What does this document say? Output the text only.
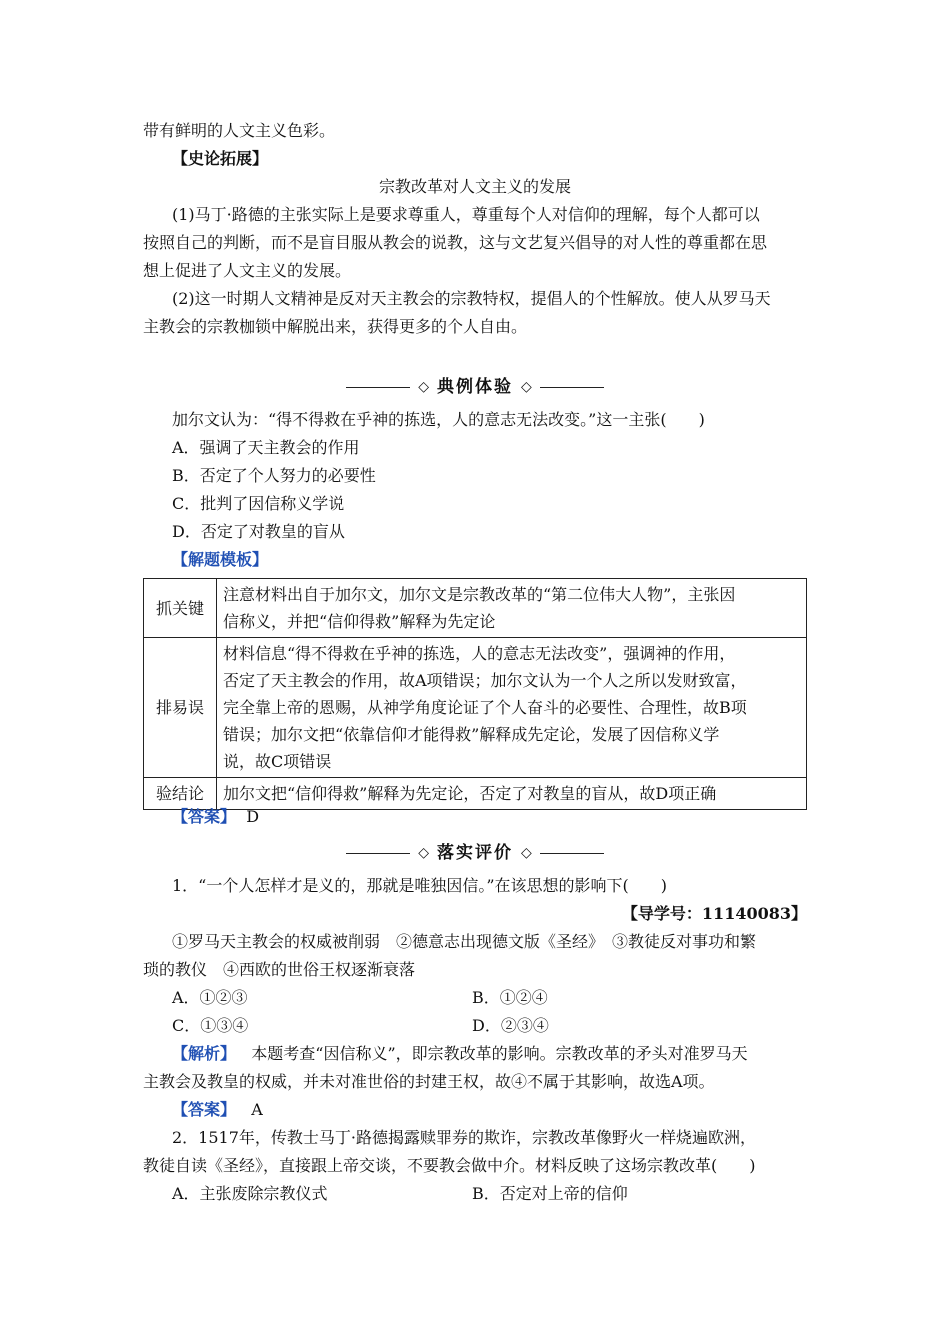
带有鲜明的人文主义色彩。
【史论拓展】
宗教改革对人文主义的发展
(1)马丁·路德的主张实际上是要求尊重人，尊重每个人对信仰的理解，每个人都可以
按照自己的判断，而不是盲目服从教会的说教，这与文艺复兴倡导的对人性的尊重都在思
想上促进了人文主义的发展。
(2)这一时期人文精神是反对天主教会的宗教特权，提倡人的个性解放。使人从罗马天
主教会的宗教枷锁中解脱出来，获得更多的个人自由。
◇ 典例体验 ◇
加尔文认为：“得不得救在乎神的拣选，人的意志无法改变。”这一主张(　　)
A．强调了天主教会的作用
B．否定了个人努力的必要性
C．批判了因信称义学说
D．否定了对教皇的盲从
【解题模板】
抓关键	注意材料出自于加尔文，加尔文是宗教改革的“第二位伟大人物”，主张因
信称义，并把“信仰得救”解释为先定论

排易误	材料信息“得不得救在乎神的拣选，人的意志无法改变”，强调神的作用，
否定了天主教会的作用，故A项错误；加尔文认为一个人之所以发财致富，
完全靠上帝的恩赐，从神学角度论证了个人奋斗的必要性、合理性，故B项
错误；加尔文把“依靠信仰才能得救”解释成先定论，发展了因信称义学
说，故C项错误

验结论	加尔文把“信仰得救”解释为先定论，否定了对教皇的盲从，故D项正确
【答案】 D
◇ 落实评价 ◇
1．“一个人怎样才是义的，那就是唯独因信。”在该思想的影响下(　　)
【导学号：11140083】
①罗马天主教会的权威被削弱　②德意志出现德文版《圣经》　③教徒反对事功和繁
琐的教仪　④西欧的世俗王权逐渐衰落
A．①②③	B．①②④
C．①③④	D．②③④
【解析】 本题考查“因信称义”，即宗教改革的影响。宗教改革的矛头对准罗马天
主教会及教皇的权威，并未对准世俗的封建王权，故④不属于其影响，故选A项。
【答案】 A
2．1517年，传教士马丁·路德揭露赎罪券的欺诈，宗教改革像野火一样烧遍欧洲，
教徒自读《圣经》，直接跟上帝交谈，不要教会做中介。材料反映了这场宗教改革(　　)
A．主张废除宗教仪式	B．否定对上帝的信仰
